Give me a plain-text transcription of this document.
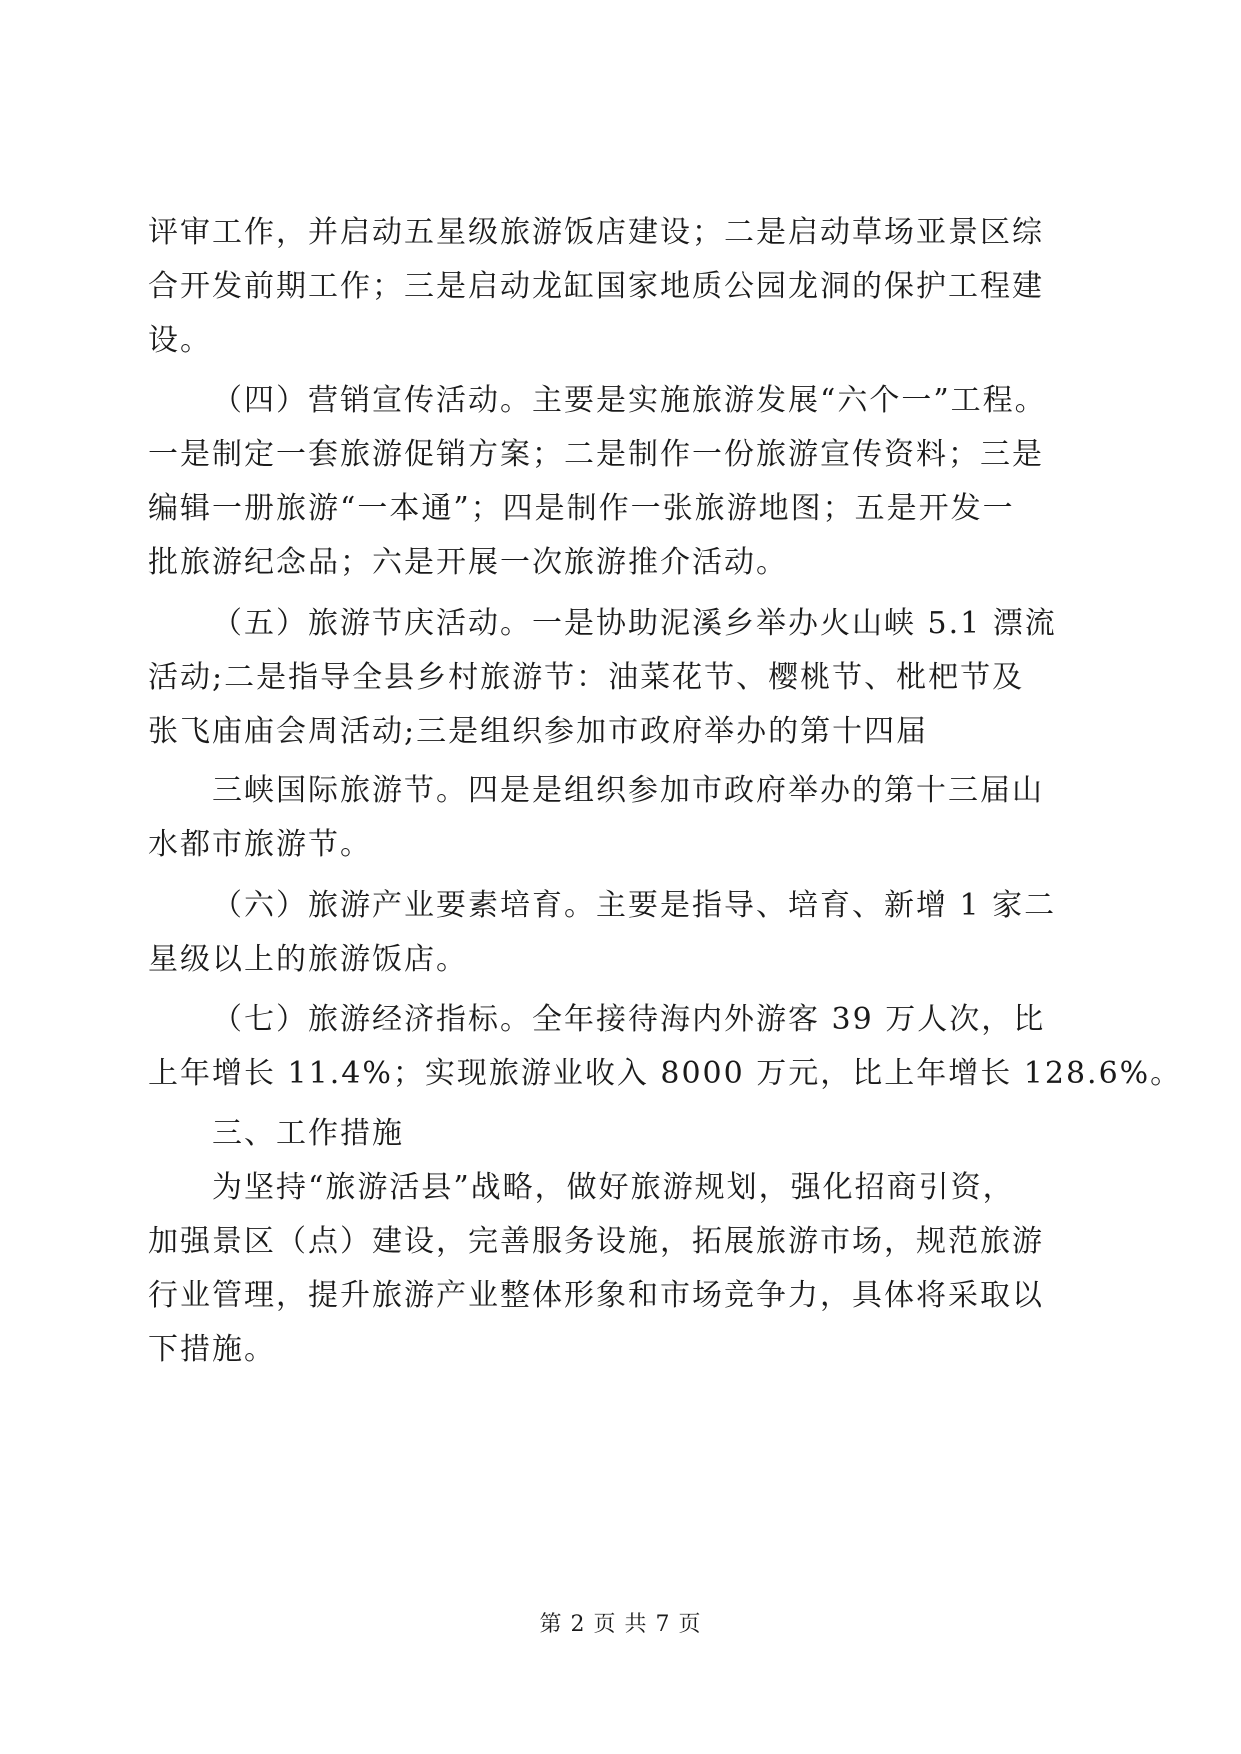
评审工作，并启动五星级旅游饭店建设；二是启动草场亚景区综
合开发前期工作；三是启动龙缸国家地质公园龙洞的保护工程建
设。
（四）营销宣传活动。主要是实施旅游发展“六个一”工程。
一是制定一套旅游促销方案；二是制作一份旅游宣传资料；三是
编辑一册旅游“一本通”；四是制作一张旅游地图；五是开发一
批旅游纪念品；六是开展一次旅游推介活动。
（五）旅游节庆活动。一是协助泥溪乡举办火山峡 5.1 漂流
活动;二是指导全县乡村旅游节：油菜花节、樱桃节、枇杷节及
张飞庙庙会周活动;三是组织参加市政府举办的第十四届
三峡国际旅游节。四是是组织参加市政府举办的第十三届山
水都市旅游节。
（六）旅游产业要素培育。主要是指导、培育、新增 1 家二
星级以上的旅游饭店。
（七）旅游经济指标。全年接待海内外游客 39 万人次，比
上年增长 11.4%；实现旅游业收入 8000 万元，比上年增长 128.6%。
三、工作措施
为坚持“旅游活县”战略，做好旅游规划，强化招商引资，
加强景区（点）建设，完善服务设施，拓展旅游市场，规范旅游
行业管理，提升旅游产业整体形象和市场竞争力，具体将采取以
下措施。
第 2 页 共 7 页
